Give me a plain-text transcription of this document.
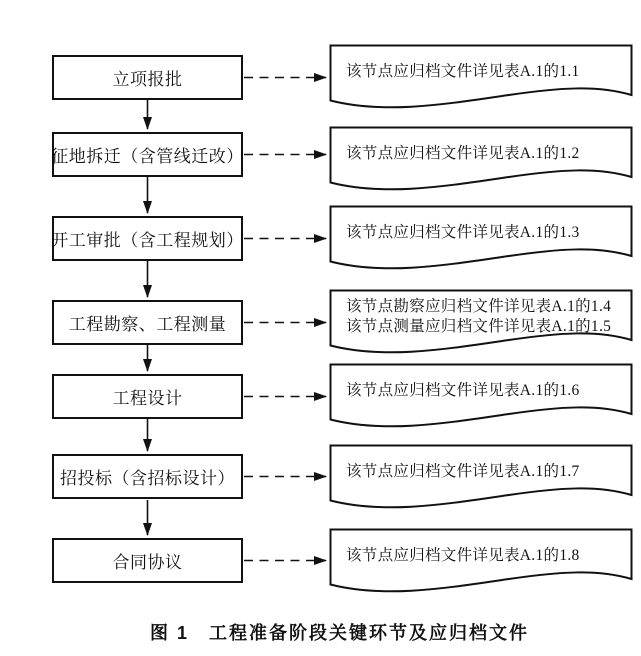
立项报批
征地拆迁（含管线迁改）
开工审批（含工程规划）
工程勘察、工程测量
工程设计
招投标（含招标设计）
合同协议
该节点应归档文件详见表A.1的1.1
该节点应归档文件详见表A.1的1.2
该节点应归档文件详见表A.1的1.3
该节点勘察应归档文件详见表A.1的1.4
该节点测量应归档文件详见表A.1的1.5
该节点应归档文件详见表A.1的1.6
该节点应归档文件详见表A.1的1.7
该节点应归档文件详见表A.1的1.8
图 1　工程准备阶段关键环节及应归档文件
